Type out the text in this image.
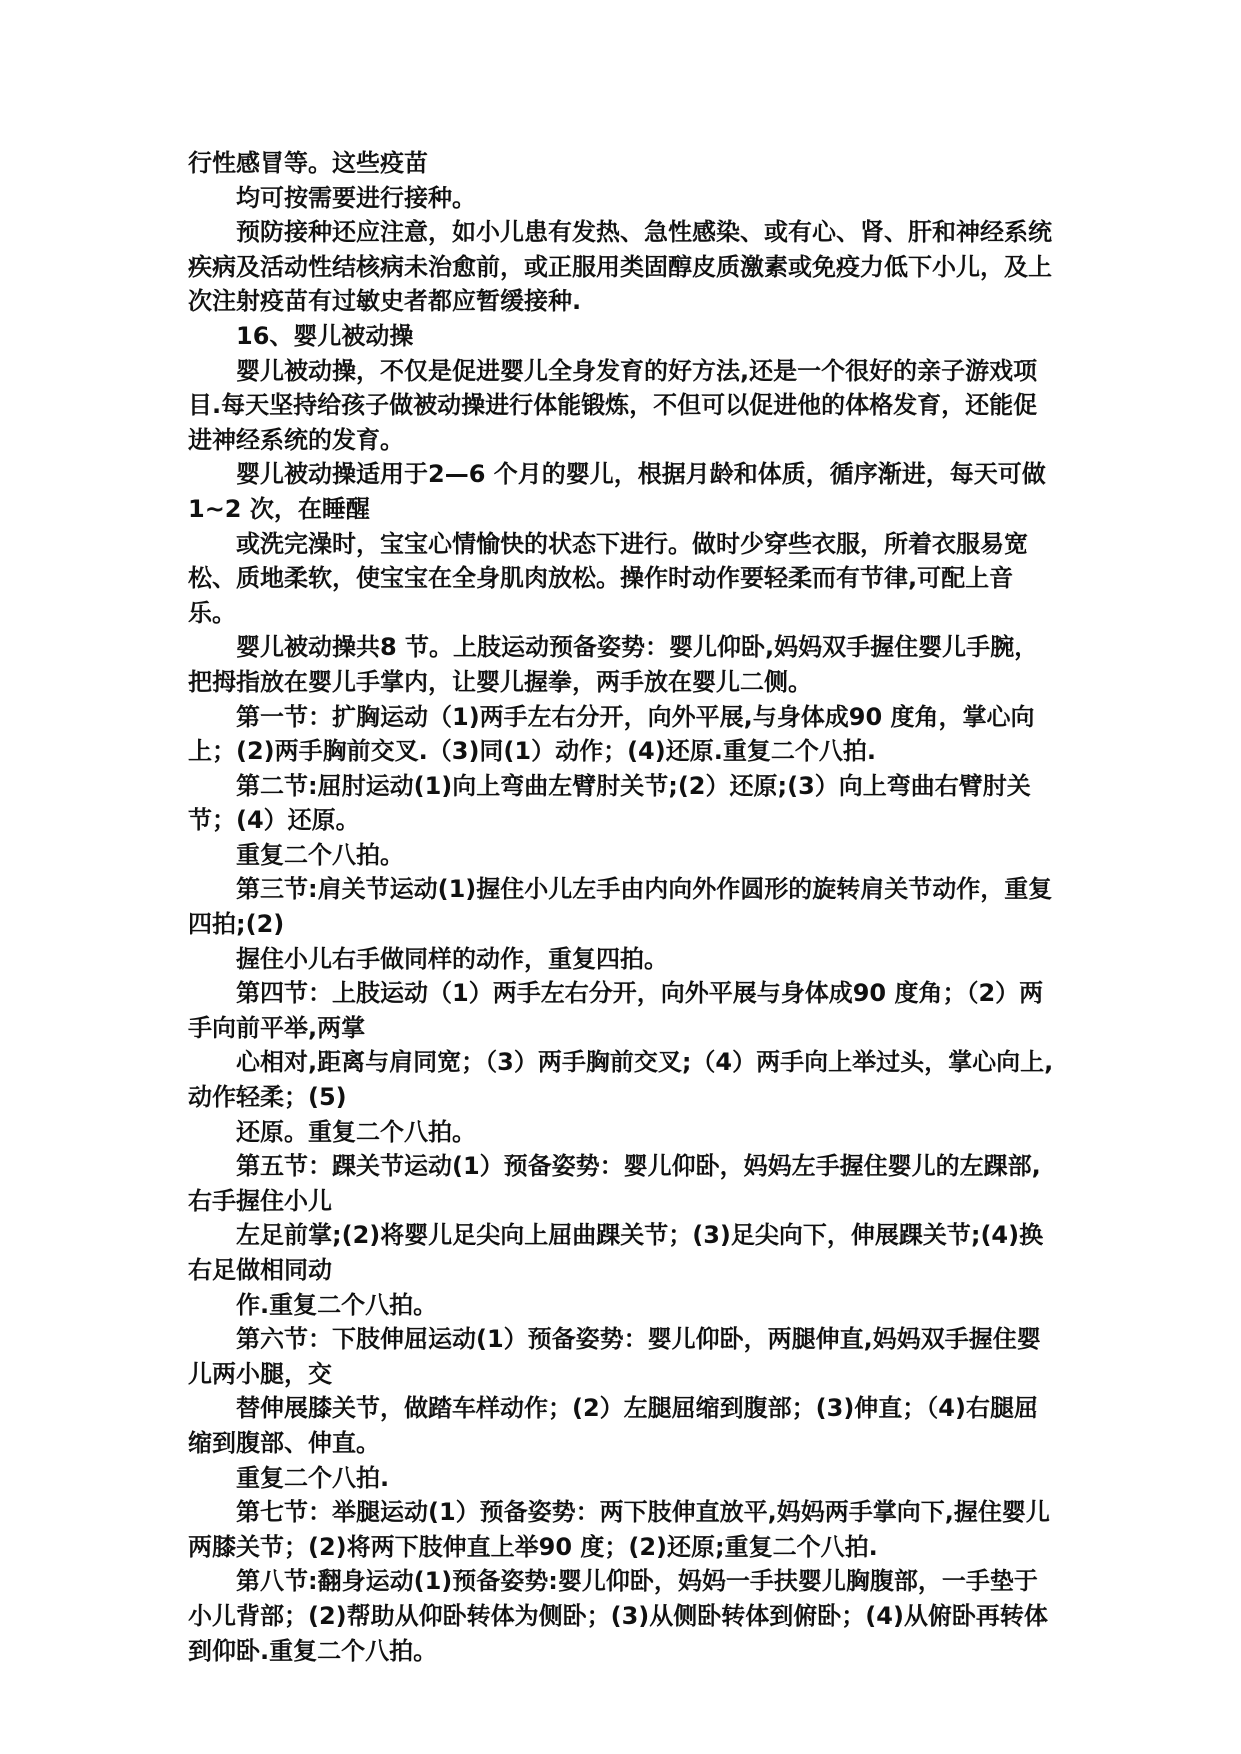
行性感冒等。这些疫苗

均可按需要进行接种。

预防接种还应注意，如小儿患有发热、急性感染、或有心、肾、肝和神经系统疾病及活动性结核病未治愈前，或正服用类固醇皮质激素或免疫力低下小儿，及上次注射疫苗有过敏史者都应暂缓接种.

16、婴儿被动操

婴儿被动操，不仅是促进婴儿全身发育的好方法,还是一个很好的亲子游戏项目.每天坚持给孩子做被动操进行体能锻炼，不但可以促进他的体格发育，还能促进神经系统的发育。

婴儿被动操适用于2—6 个月的婴儿，根据月龄和体质，循序渐进，每天可做1~2 次，在睡醒

或洗完澡时，宝宝心情愉快的状态下进行。做时少穿些衣服，所着衣服易宽松、质地柔软，使宝宝在全身肌肉放松。操作时动作要轻柔而有节律,可配上音乐。

婴儿被动操共8 节。上肢运动预备姿势：婴儿仰卧,妈妈双手握住婴儿手腕，把拇指放在婴儿手掌内，让婴儿握拳，两手放在婴儿二侧。

第一节：扩胸运动（1)两手左右分开，向外平展,与身体成90 度角，掌心向上；(2)两手胸前交叉.（3)同(1）动作；(4)还原.重复二个八拍.

第二节:屈肘运动(1)向上弯曲左臂肘关节;(2）还原;(3）向上弯曲右臂肘关节；(4）还原。

重复二个八拍。

第三节:肩关节运动(1)握住小儿左手由内向外作圆形的旋转肩关节动作，重复四拍;(2)

握住小儿右手做同样的动作，重复四拍。

第四节：上肢运动（1）两手左右分开，向外平展与身体成90 度角；（2）两手向前平举,两掌

心相对,距离与肩同宽；（3）两手胸前交叉;（4）两手向上举过头，掌心向上,动作轻柔；(5)

还原。重复二个八拍。

第五节：踝关节运动(1）预备姿势：婴儿仰卧，妈妈左手握住婴儿的左踝部,右手握住小儿

左足前掌;(2)将婴儿足尖向上屈曲踝关节；(3)足尖向下，伸展踝关节;(4)换右足做相同动

作.重复二个八拍。

第六节：下肢伸屈运动(1）预备姿势：婴儿仰卧，两腿伸直,妈妈双手握住婴儿两小腿，交

替伸展膝关节，做踏车样动作；(2）左腿屈缩到腹部；(3)伸直；（4)右腿屈缩到腹部、伸直。

重复二个八拍.

第七节：举腿运动(1）预备姿势：两下肢伸直放平,妈妈两手掌向下,握住婴儿两膝关节；(2)将两下肢伸直上举90 度；(2)还原;重复二个八拍.

第八节:翻身运动(1)预备姿势:婴儿仰卧，妈妈一手扶婴儿胸腹部，一手垫于小儿背部；(2)帮助从仰卧转体为侧卧；(3)从侧卧转体到俯卧；(4)从俯卧再转体到仰卧.重复二个八拍。
